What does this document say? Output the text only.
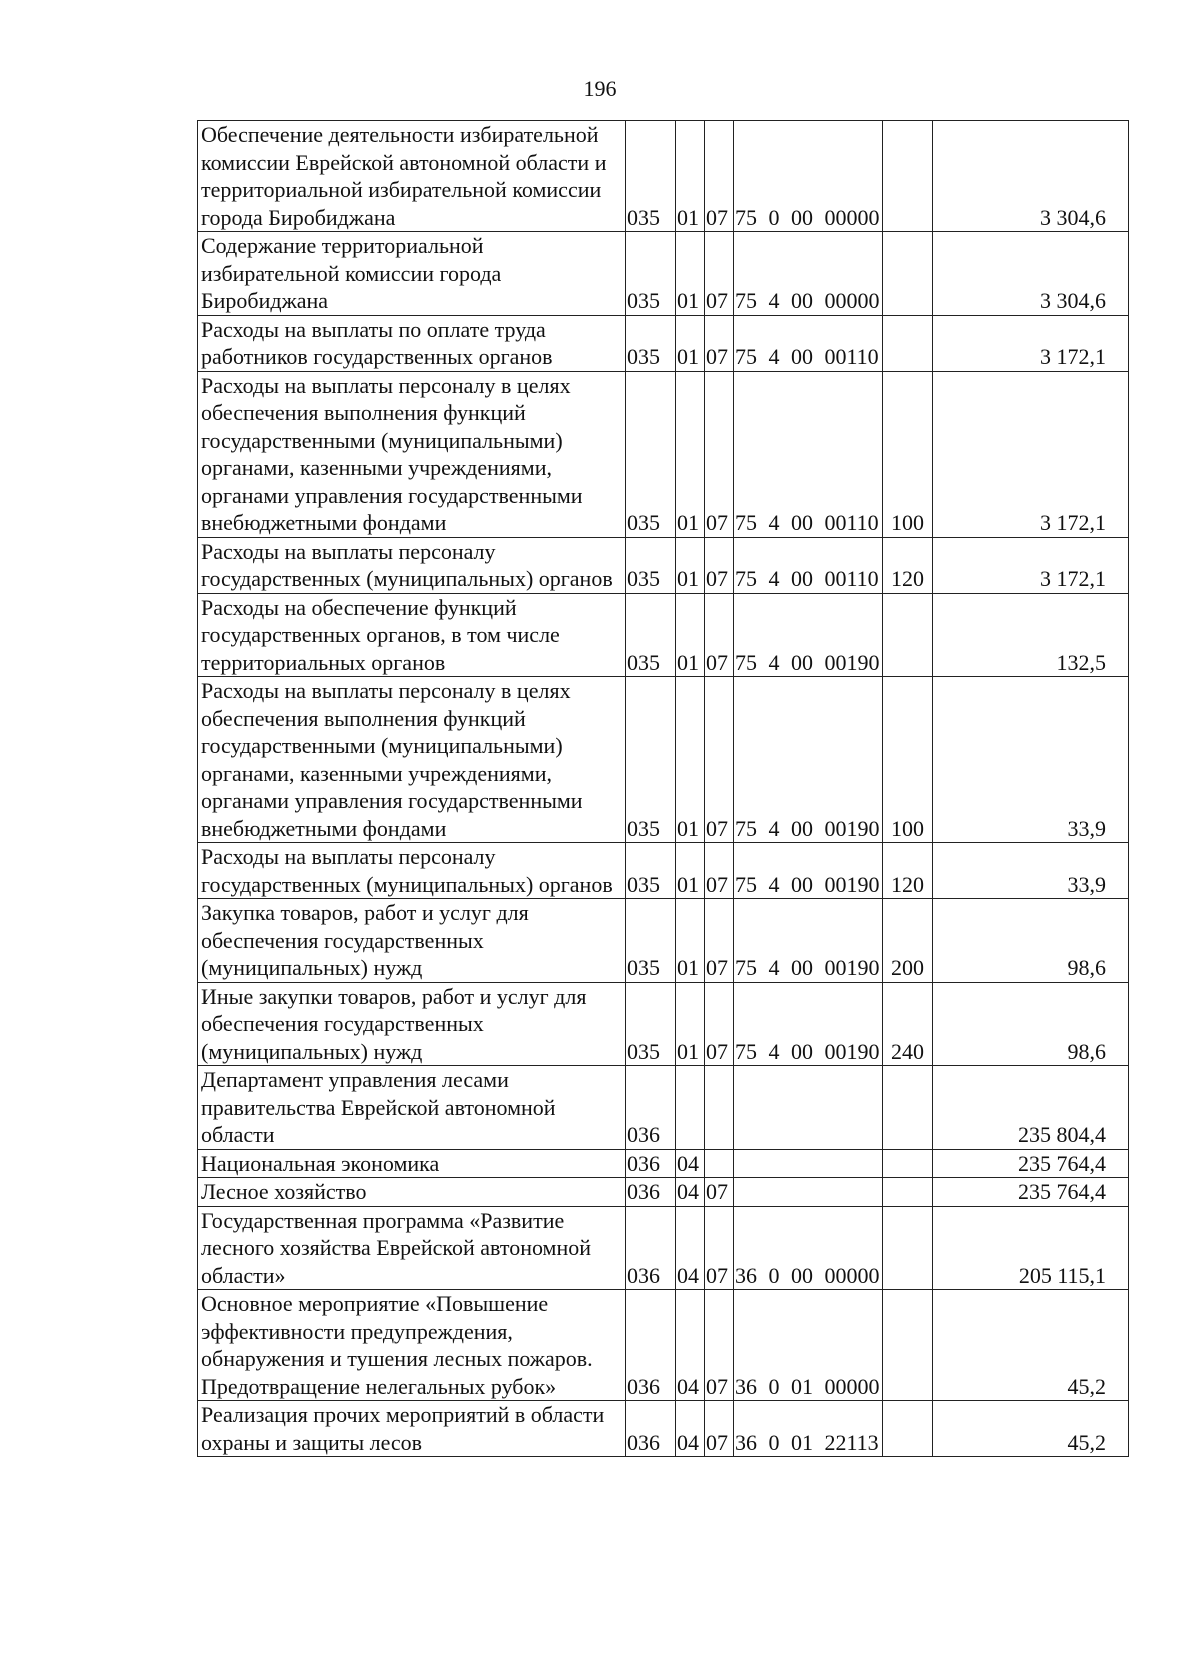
196
Обеспечение деятельности избирательной комиссии Еврейской автономной области и территориальной избирательной комиссии города Биробиджана	035	01	07	75 0 00 00000		3 304,6
Содержание территориальной избирательной комиссии города Биробиджана	035	01	07	75 4 00 00000		3 304,6
Расходы на выплаты по оплате труда работников государственных органов	035	01	07	75 4 00 00110		3 172,1
Расходы на выплаты персоналу в целях обеспечения выполнения функций государственными (муниципальными) органами, казенными учреждениями, органами управления государственными внебюджетными фондами	035	01	07	75 4 00 00110	100	3 172,1
Расходы на выплаты персоналу государственных (муниципальных) органов	035	01	07	75 4 00 00110	120	3 172,1
Расходы на обеспечение функций государственных органов, в том числе территориальных органов	035	01	07	75 4 00 00190		132,5
Расходы на выплаты персоналу в целях обеспечения выполнения функций государственными (муниципальными) органами, казенными учреждениями, органами управления государственными внебюджетными фондами	035	01	07	75 4 00 00190	100	33,9
Расходы на выплаты персоналу государственных (муниципальных) органов	035	01	07	75 4 00 00190	120	33,9
Закупка товаров, работ и услуг для обеспечения государственных (муниципальных) нужд	035	01	07	75 4 00 00190	200	98,6
Иные закупки товаров, работ и услуг для обеспечения государственных (муниципальных) нужд	035	01	07	75 4 00 00190	240	98,6
Департамент управления лесами правительства Еврейской автономной области	036					235 804,4
Национальная экономика	036	04				235 764,4
Лесное хозяйство	036	04	07			235 764,4
Государственная программа «Развитие лесного хозяйства Еврейской автономной области»	036	04	07	36 0 00 00000		205 115,1
Основное мероприятие «Повышение эффективности предупреждения, обнаружения и тушения лесных пожаров. Предотвращение нелегальных рубок»	036	04	07	36 0 01 00000		45,2
Реализация прочих мероприятий в области охраны и защиты лесов	036	04	07	36 0 01 22113		45,2
